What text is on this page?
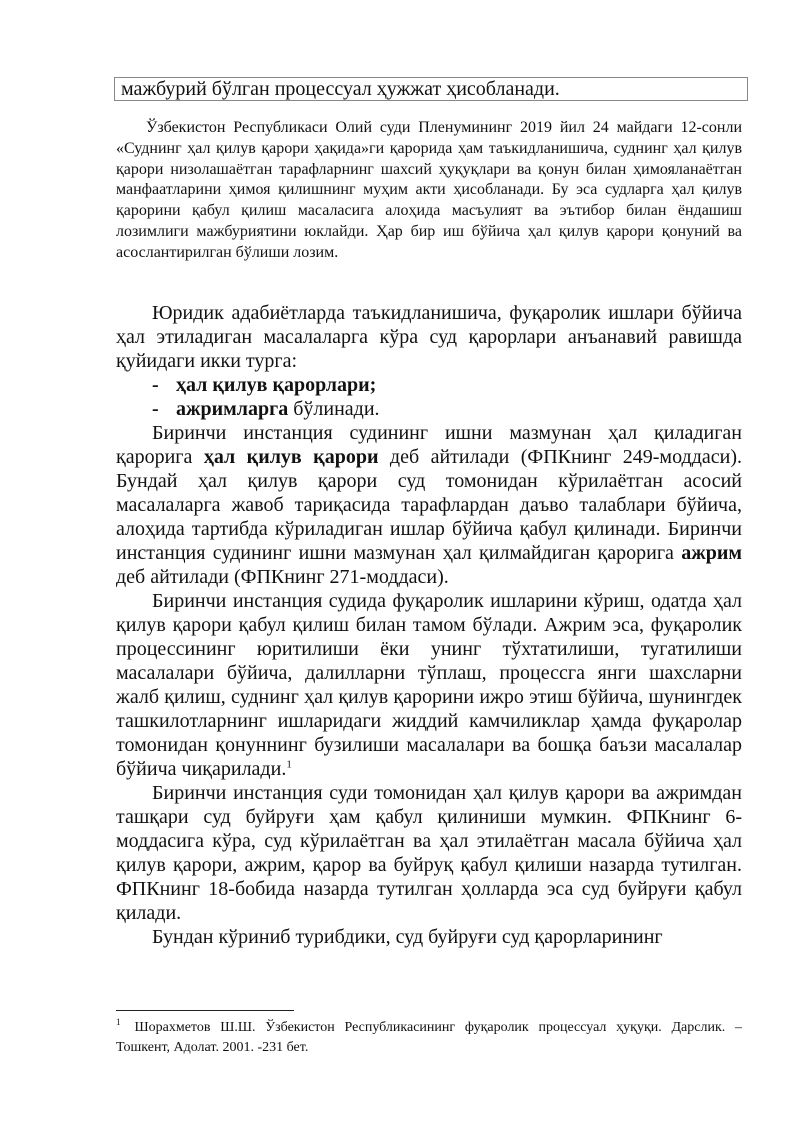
мажбурий бўлган процессуал ҳужжат ҳисобланади.

Ўзбекистон Республикаси Олий суди Пленумининг 2019 йил 24 майдаги 12-сонли «Суднинг ҳал қилув қарори ҳақида»ги қарорида ҳам таъкидланишича, суднинг ҳал қилув қарори низолашаётган тарафларнинг шахсий ҳуқуқлари ва қонун билан ҳимояланаётган манфаатларини ҳимоя қилишнинг муҳим акти ҳисобланади. Бу эса судларга ҳал қилув қарорини қабул қилиш масаласига алоҳида масъулият ва эътибор билан ёндашиш лозимлиги мажбуриятини юклайди. Ҳар бир иш бўйича ҳал қилув қарори қонуний ва асослантирилган бўлиши лозим.

Юридик адабиётларда таъкидланишича, фуқаролик ишлари бўйича ҳал этиладиган масалаларга кўра суд қарорлари анъанавий равишда қуйидаги икки турга:

- ҳал қилув қарорлари;
- ажримларга бўлинади.

Биринчи инстанция судининг ишни мазмунан ҳал қиладиган қарорига ҳал қилув қарори деб айтилади (ФПКнинг 249-моддаси). Бундай ҳал қилув қарори суд томонидан кўрилаётган асосий масалаларга жавоб тариқасида тарафлардан даъво талаблари бўйича, алоҳида тартибда кўриладиган ишлар бўйича қабул қилинади. Биринчи инстанция судининг ишни мазмунан ҳал қилмайдиган қарорига ажрим деб айтилади (ФПКнинг 271-моддаси).

Биринчи инстанция судида фуқаролик ишларини кўриш, одатда ҳал қилув қарори қабул қилиш билан тамом бўлади. Ажрим эса, фуқаролик процессининг юритилиши ёки унинг тўхтатилиши, тугатилиши масалалари бўйича, далилларни тўплаш, процессга янги шахсларни жалб қилиш, суднинг ҳал қилув қарорини ижро этиш бўйича, шунингдек ташкилотларнинг ишларидаги жиддий камчиликлар ҳамда фуқаролар томонидан қонуннинг бузилиши масалалари ва бошқа баъзи масалалар бўйича чиқарилади.$^1$

Биринчи инстанция суди томонидан ҳал қилув қарори ва ажримдан ташқари суд буйруғи ҳам қабул қилиниши мумкин. ФПКнинг 6-моддасига кўра, суд кўрилаётган ва ҳал этилаётган масала бўйича ҳал қилув қарори, ажрим, қарор ва буйруқ қабул қилиши назарда тутилган. ФПКнинг 18-бобида назарда тутилган ҳолларда эса суд буйруғи қабул қилади.

Бундан кўриниб турибдики, суд буйруғи суд қарорларининг

$^1$ Шорахметов Ш.Ш. Ўзбекистон Республикасининг фуқаролик процессуал ҳуқуқи. Дарслик. –Тошкент, Адолат. 2001. -231 бет.
